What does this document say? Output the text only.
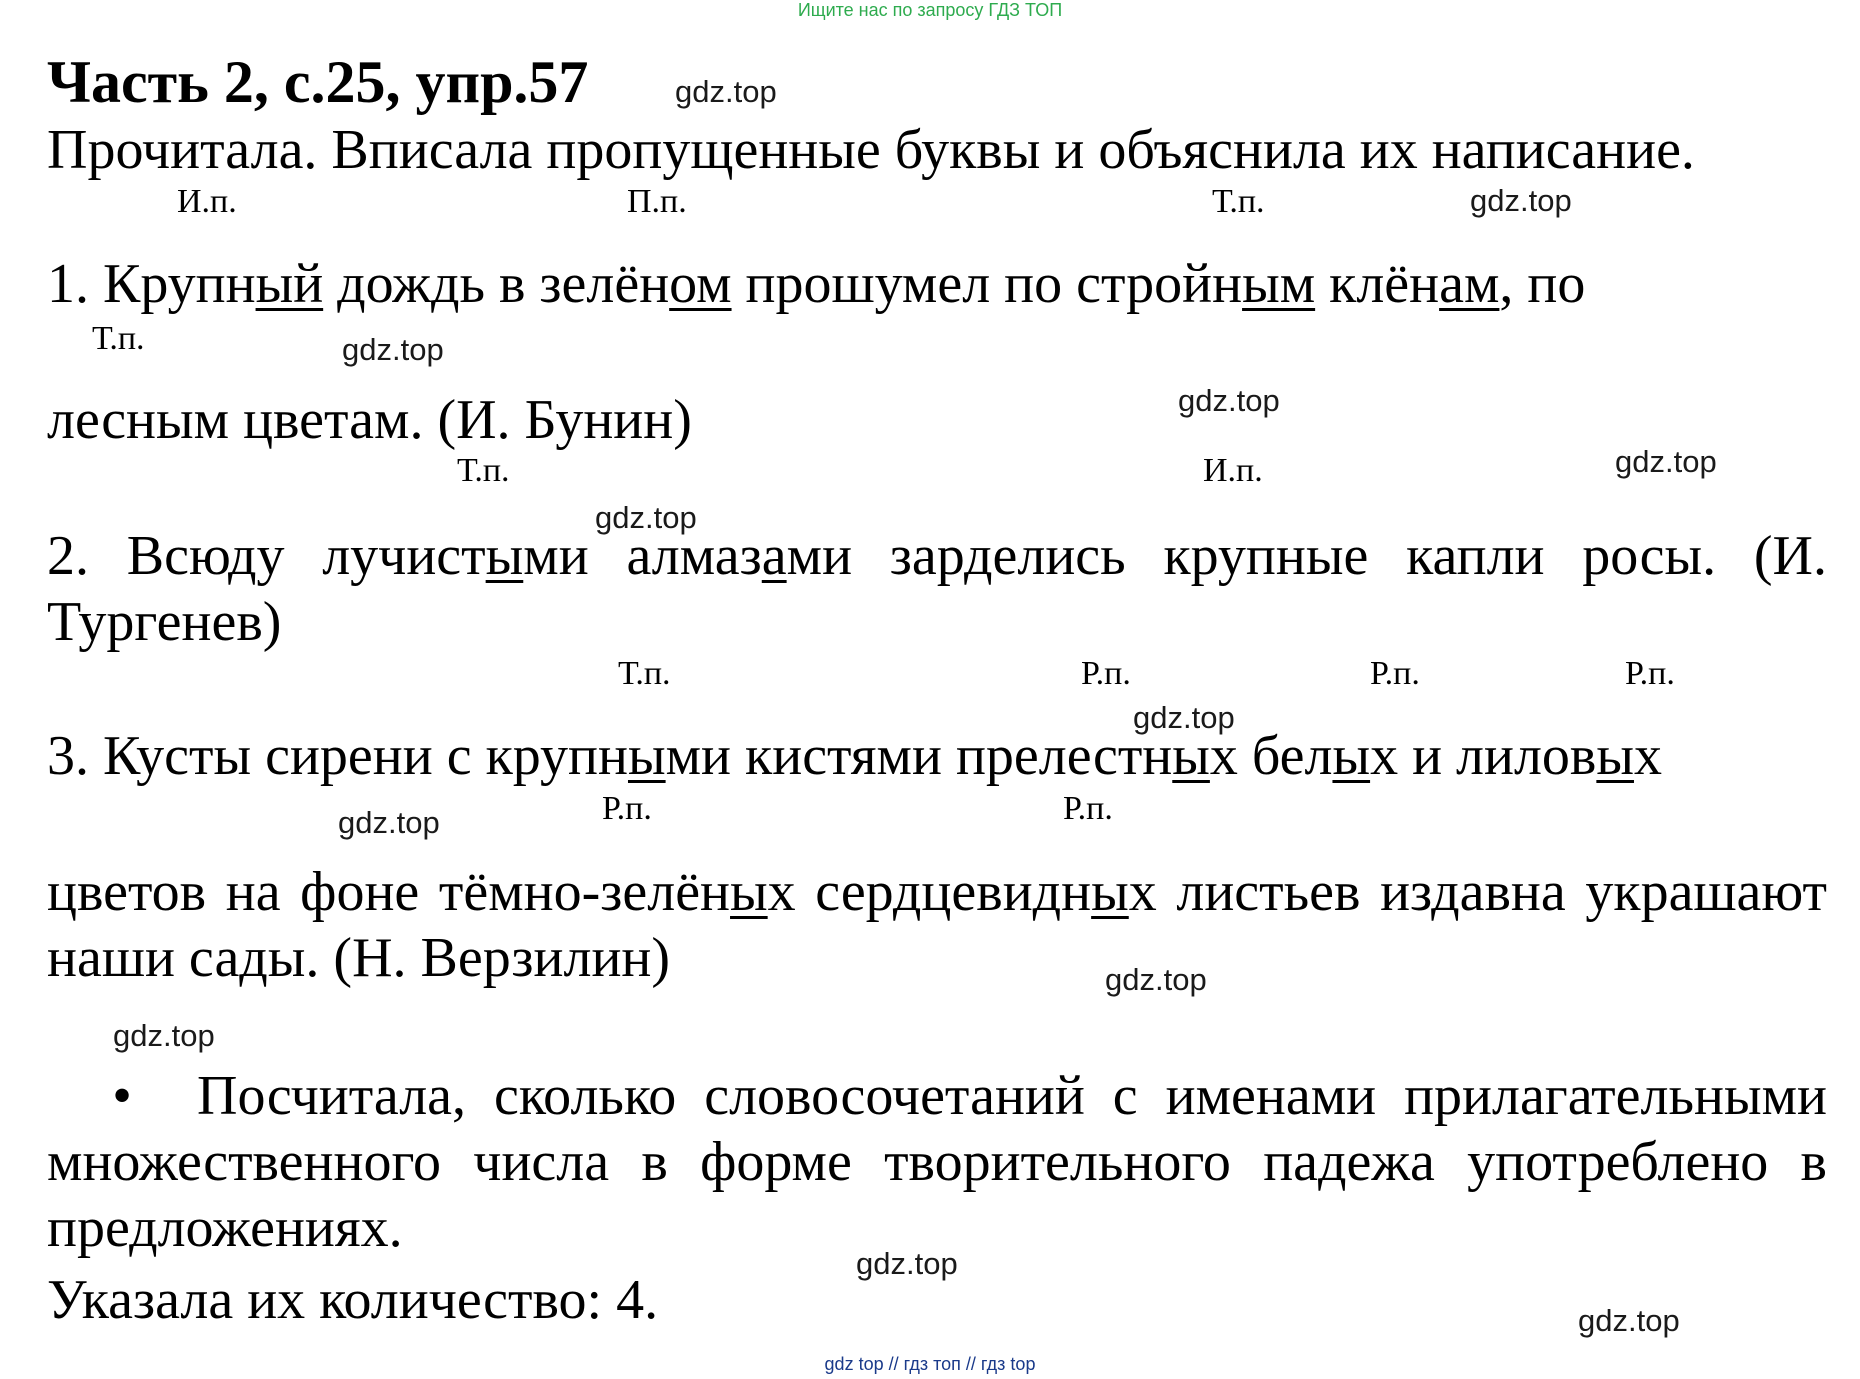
Ищите нас по запросу ГДЗ ТОП
Часть 2, с.25, упр.57	gdz.top
Прочитала. Вписала пропущенные буквы и объяснила их написание.
И.п.	П.п.	Т.п.	gdz.top
1. Крупный дождь в зелёном прошумел по стройным клёнам, по
Т.п.	gdz.top
gdz.top
лесным цветам. (И. Бунин)
Т.п.	И.п.	gdz.top
gdz.top
2. Всюду лучистыми алмазами зарделись крупные капли росы. (И. Тургенев)
Т.п.	Р.п.	Р.п.	Р.п.
gdz.top
3. Кусты сирени с крупными кистями прелестных белых и лиловых
gdz.top	Р.п.	Р.п.
цветов на фоне тёмно-зелёных сердцевидных листьев издавна украшают наши сады. (Н. Верзилин)	gdz.top
gdz.top
• Посчитала, сколько словосочетаний с именами прилагательными множественного числа в форме творительного падежа употреблено в предложениях.
gdz.top
Указала их количество: 4.	gdz.top
gdz top // гдз топ // гдз top
